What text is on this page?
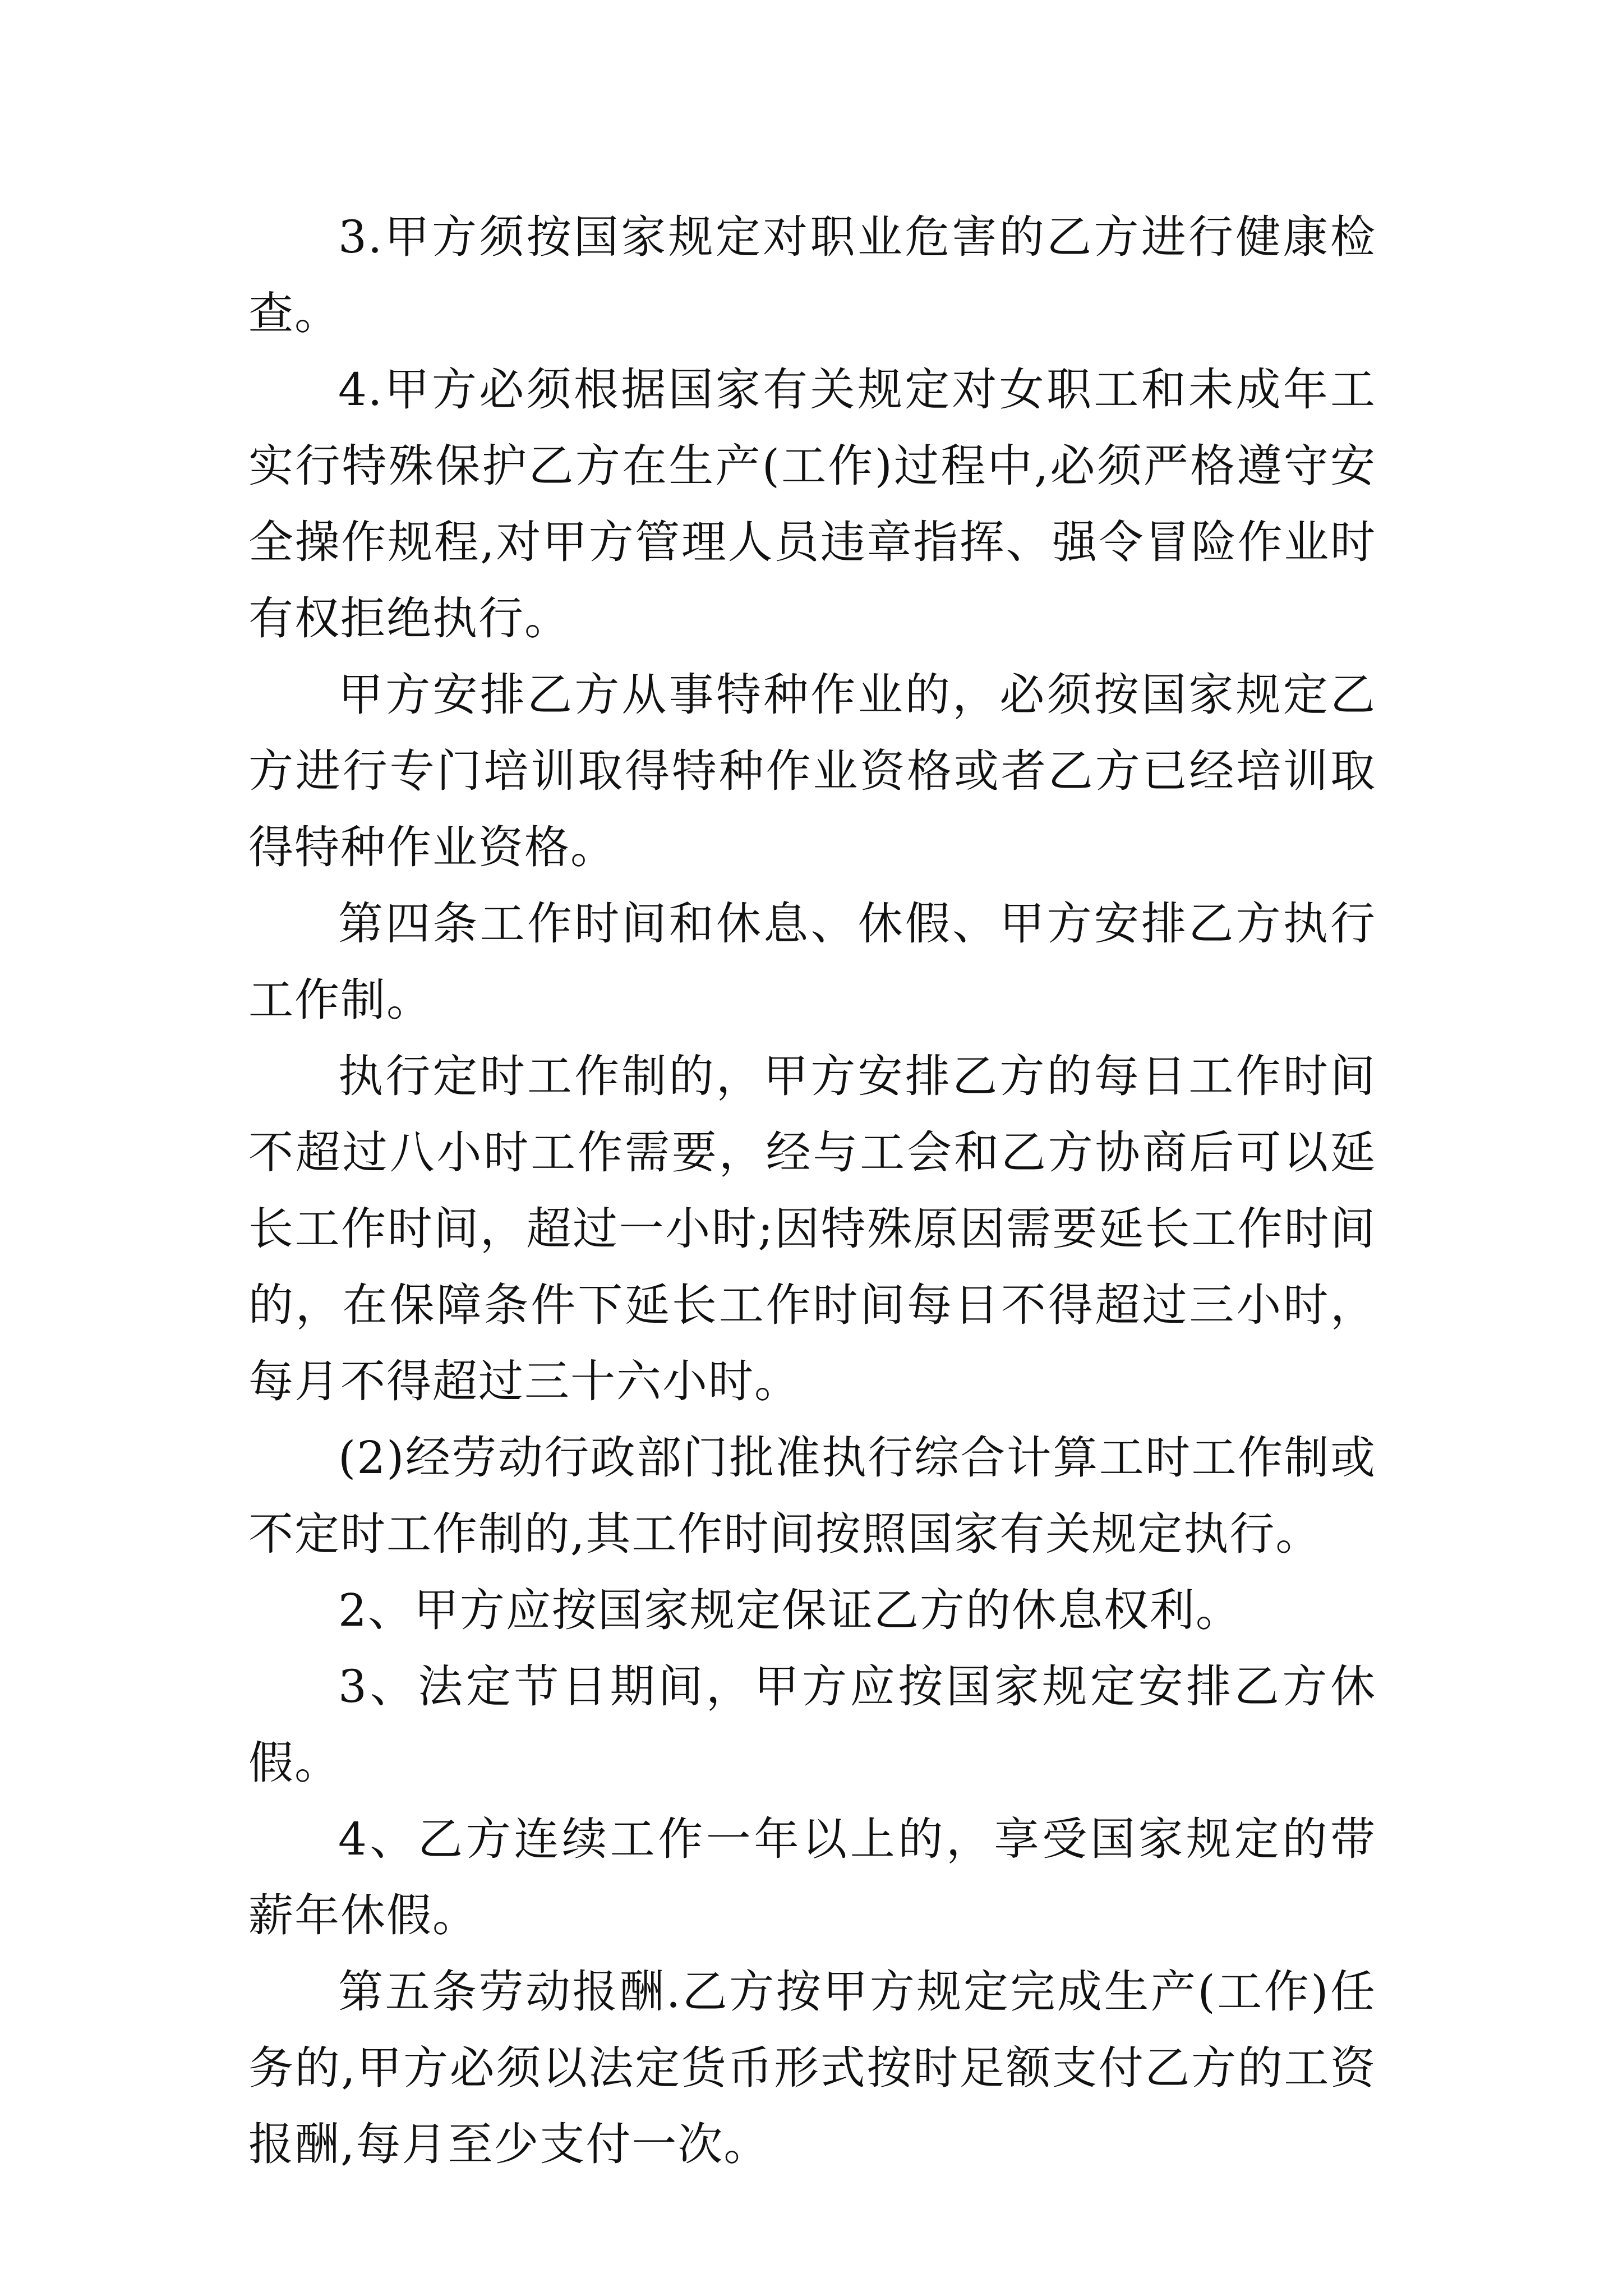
3.甲方须按国家规定对职业危害的乙方进行健康检查。

4.甲方必须根据国家有关规定对女职工和未成年工实行特殊保护乙方在生产(工作)过程中,必须严格遵守安全操作规程,对甲方管理人员违章指挥、强令冒险作业时有权拒绝执行。

甲方安排乙方从事特种作业的，必须按国家规定乙方进行专门培训取得特种作业资格或者乙方已经培训取得特种作业资格。

第四条工作时间和休息、休假、甲方安排乙方执行工作制。

执行定时工作制的，甲方安排乙方的每日工作时间不超过八小时工作需要，经与工会和乙方协商后可以延长工作时间，超过一小时;因特殊原因需要延长工作时间的，在保障条件下延长工作时间每日不得超过三小时，每月不得超过三十六小时。

(2)经劳动行政部门批准执行综合计算工时工作制或不定时工作制的,其工作时间按照国家有关规定执行。

2、甲方应按国家规定保证乙方的休息权利。

3、法定节日期间，甲方应按国家规定安排乙方休假。

4、乙方连续工作一年以上的，享受国家规定的带薪年休假。

第五条劳动报酬.乙方按甲方规定完成生产(工作)任务的,甲方必须以法定货币形式按时足额支付乙方的工资报酬,每月至少支付一次。
